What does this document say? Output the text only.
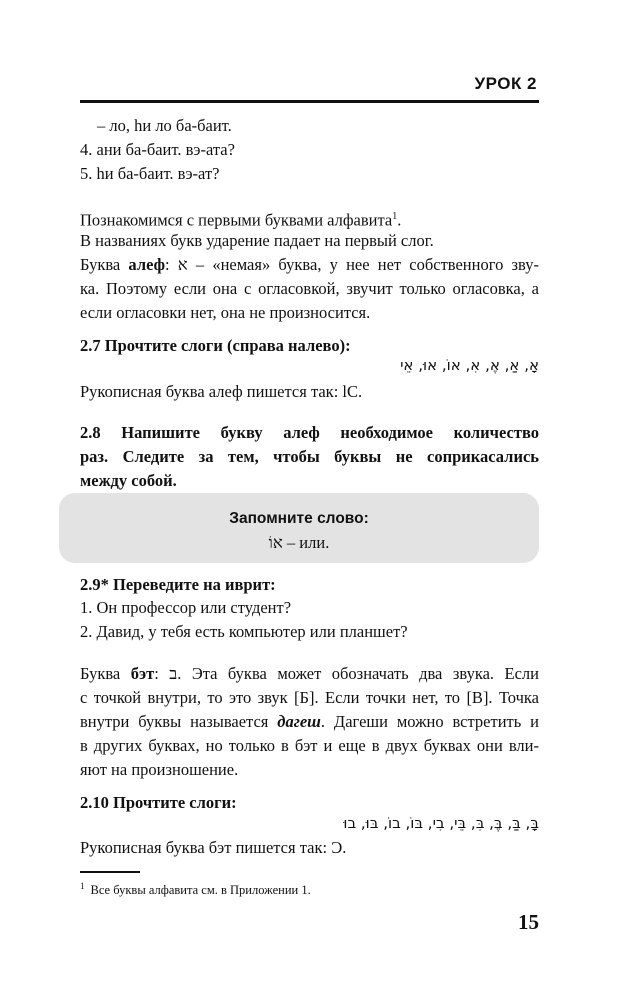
УРОК 2
– ло, hи ло ба-баит.
4. ани ба-баит. вэ-ата?
5. hи ба-баит. вэ-ат?
Познакомимся с первыми буквами алфавита$^1$.
В названиях букв ударение падает на первый слог.
Буква алеф: א – «немая» буква, у нее нет собственного зву-
ка. Поэтому если она с огласовкой, звучит только огласовка, а
если огласовки нет, она не произносится.
2.7 Прочтите слоги (справа налево):
אָ, אַ, אֶ, אִ, אוֹ, אוּ, אֵי
Рукописная буква алеф пишется так: lC.
2.8 Напишите букву алеф необходимое количество
раз. Следите за тем, чтобы буквы не соприкасались
между собой.
Запомните слово:
אוֹ – или.
2.9* Переведите на иврит:
1. Он профессор или студент?
2. Давид, у тебя есть компьютер или планшет?
Буква бэт: ב. Эта буква может обозначать два звука. Если
с точкой внутри, то это звук [Б]. Если точки нет, то [В]. Точка
внутри буквы называется дагеш. Дагеши можно встретить и
в других буквах, но только в бэт и еще в двух буквах они вли-
яют на произношение.
2.10 Прочтите слоги:
בָּ, בַּ, בֶּ, בִּ, בֵּי, בִי, בּוֹ, בוֹ, בּוּ, בוּ
Рукописная буква бэт пишется так: Ɔ.
$^1$ Все буквы алфавита см. в Приложении 1.
15
